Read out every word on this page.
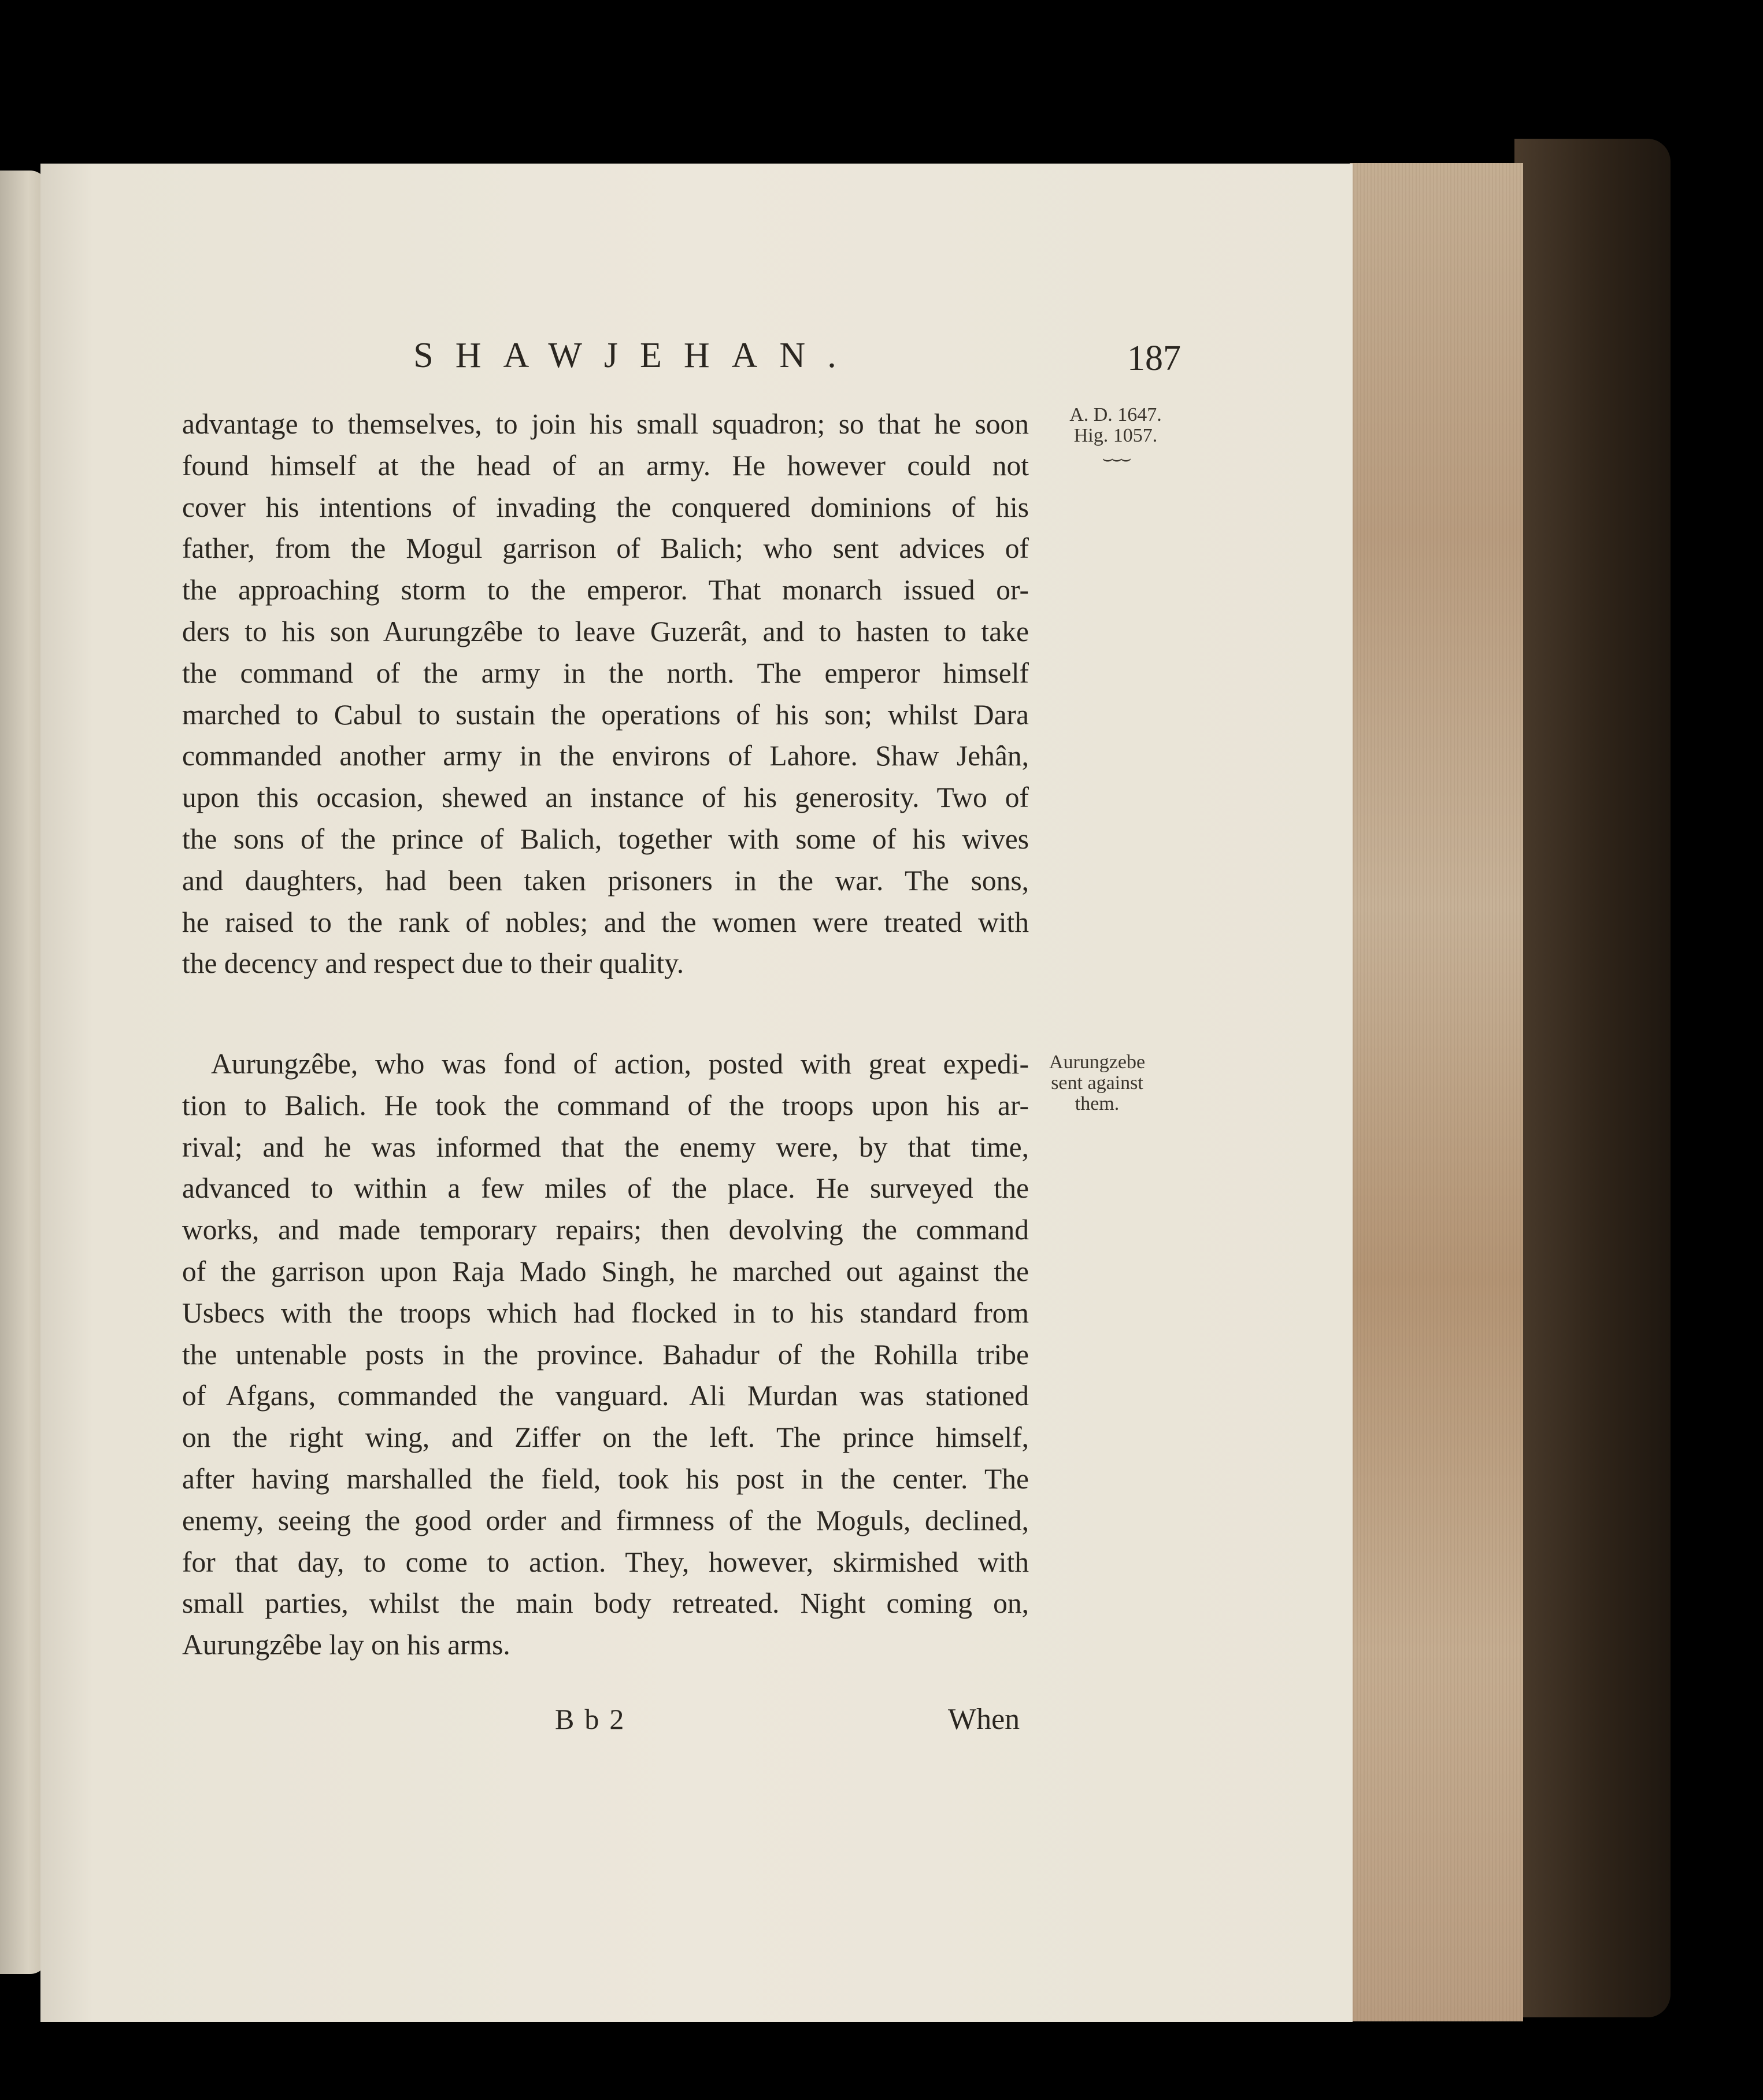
SHAWJEHAN.	187
A. D. 1647.
Hig. 1057.
⌣⌣⌣
advantage to themselves, to join his small squadron; so that he soon
found himself at the head of an army. He however could not
cover his intentions of invading the conquered dominions of his
father, from the Mogul garrison of Balich; who sent advices of
the approaching storm to the emperor. That monarch issued or-
ders to his son Aurungzêbe to leave Guzerât, and to hasten to take
the command of the army in the north. The emperor himself
marched to Cabul to sustain the operations of his son; whilst Dara
commanded another army in the environs of Lahore. Shaw Jehân,
upon this occasion, shewed an instance of his generosity. Two of
the sons of the prince of Balich, together with some of his wives
and daughters, had been taken prisoners in the war. The sons,
he raised to the rank of nobles; and the women were treated with
the decency and respect due to their quality.
Aurungzebe
sent against
them.
Aurungzêbe, who was fond of action, posted with great expedi-
tion to Balich. He took the command of the troops upon his ar-
rival; and he was informed that the enemy were, by that time,
advanced to within a few miles of the place. He surveyed the
works, and made temporary repairs; then devolving the command
of the garrison upon Raja Mado Singh, he marched out against the
Usbecs with the troops which had flocked in to his standard from
the untenable posts in the province. Bahadur of the Rohilla tribe
of Afgans, commanded the vanguard. Ali Murdan was stationed
on the right wing, and Ziffer on the left. The prince himself,
after having marshalled the field, took his post in the center. The
enemy, seeing the good order and firmness of the Moguls, declined,
for that day, to come to action. They, however, skirmished with
small parties, whilst the main body retreated. Night coming on,
Aurungzêbe lay on his arms.
Bb2	When
